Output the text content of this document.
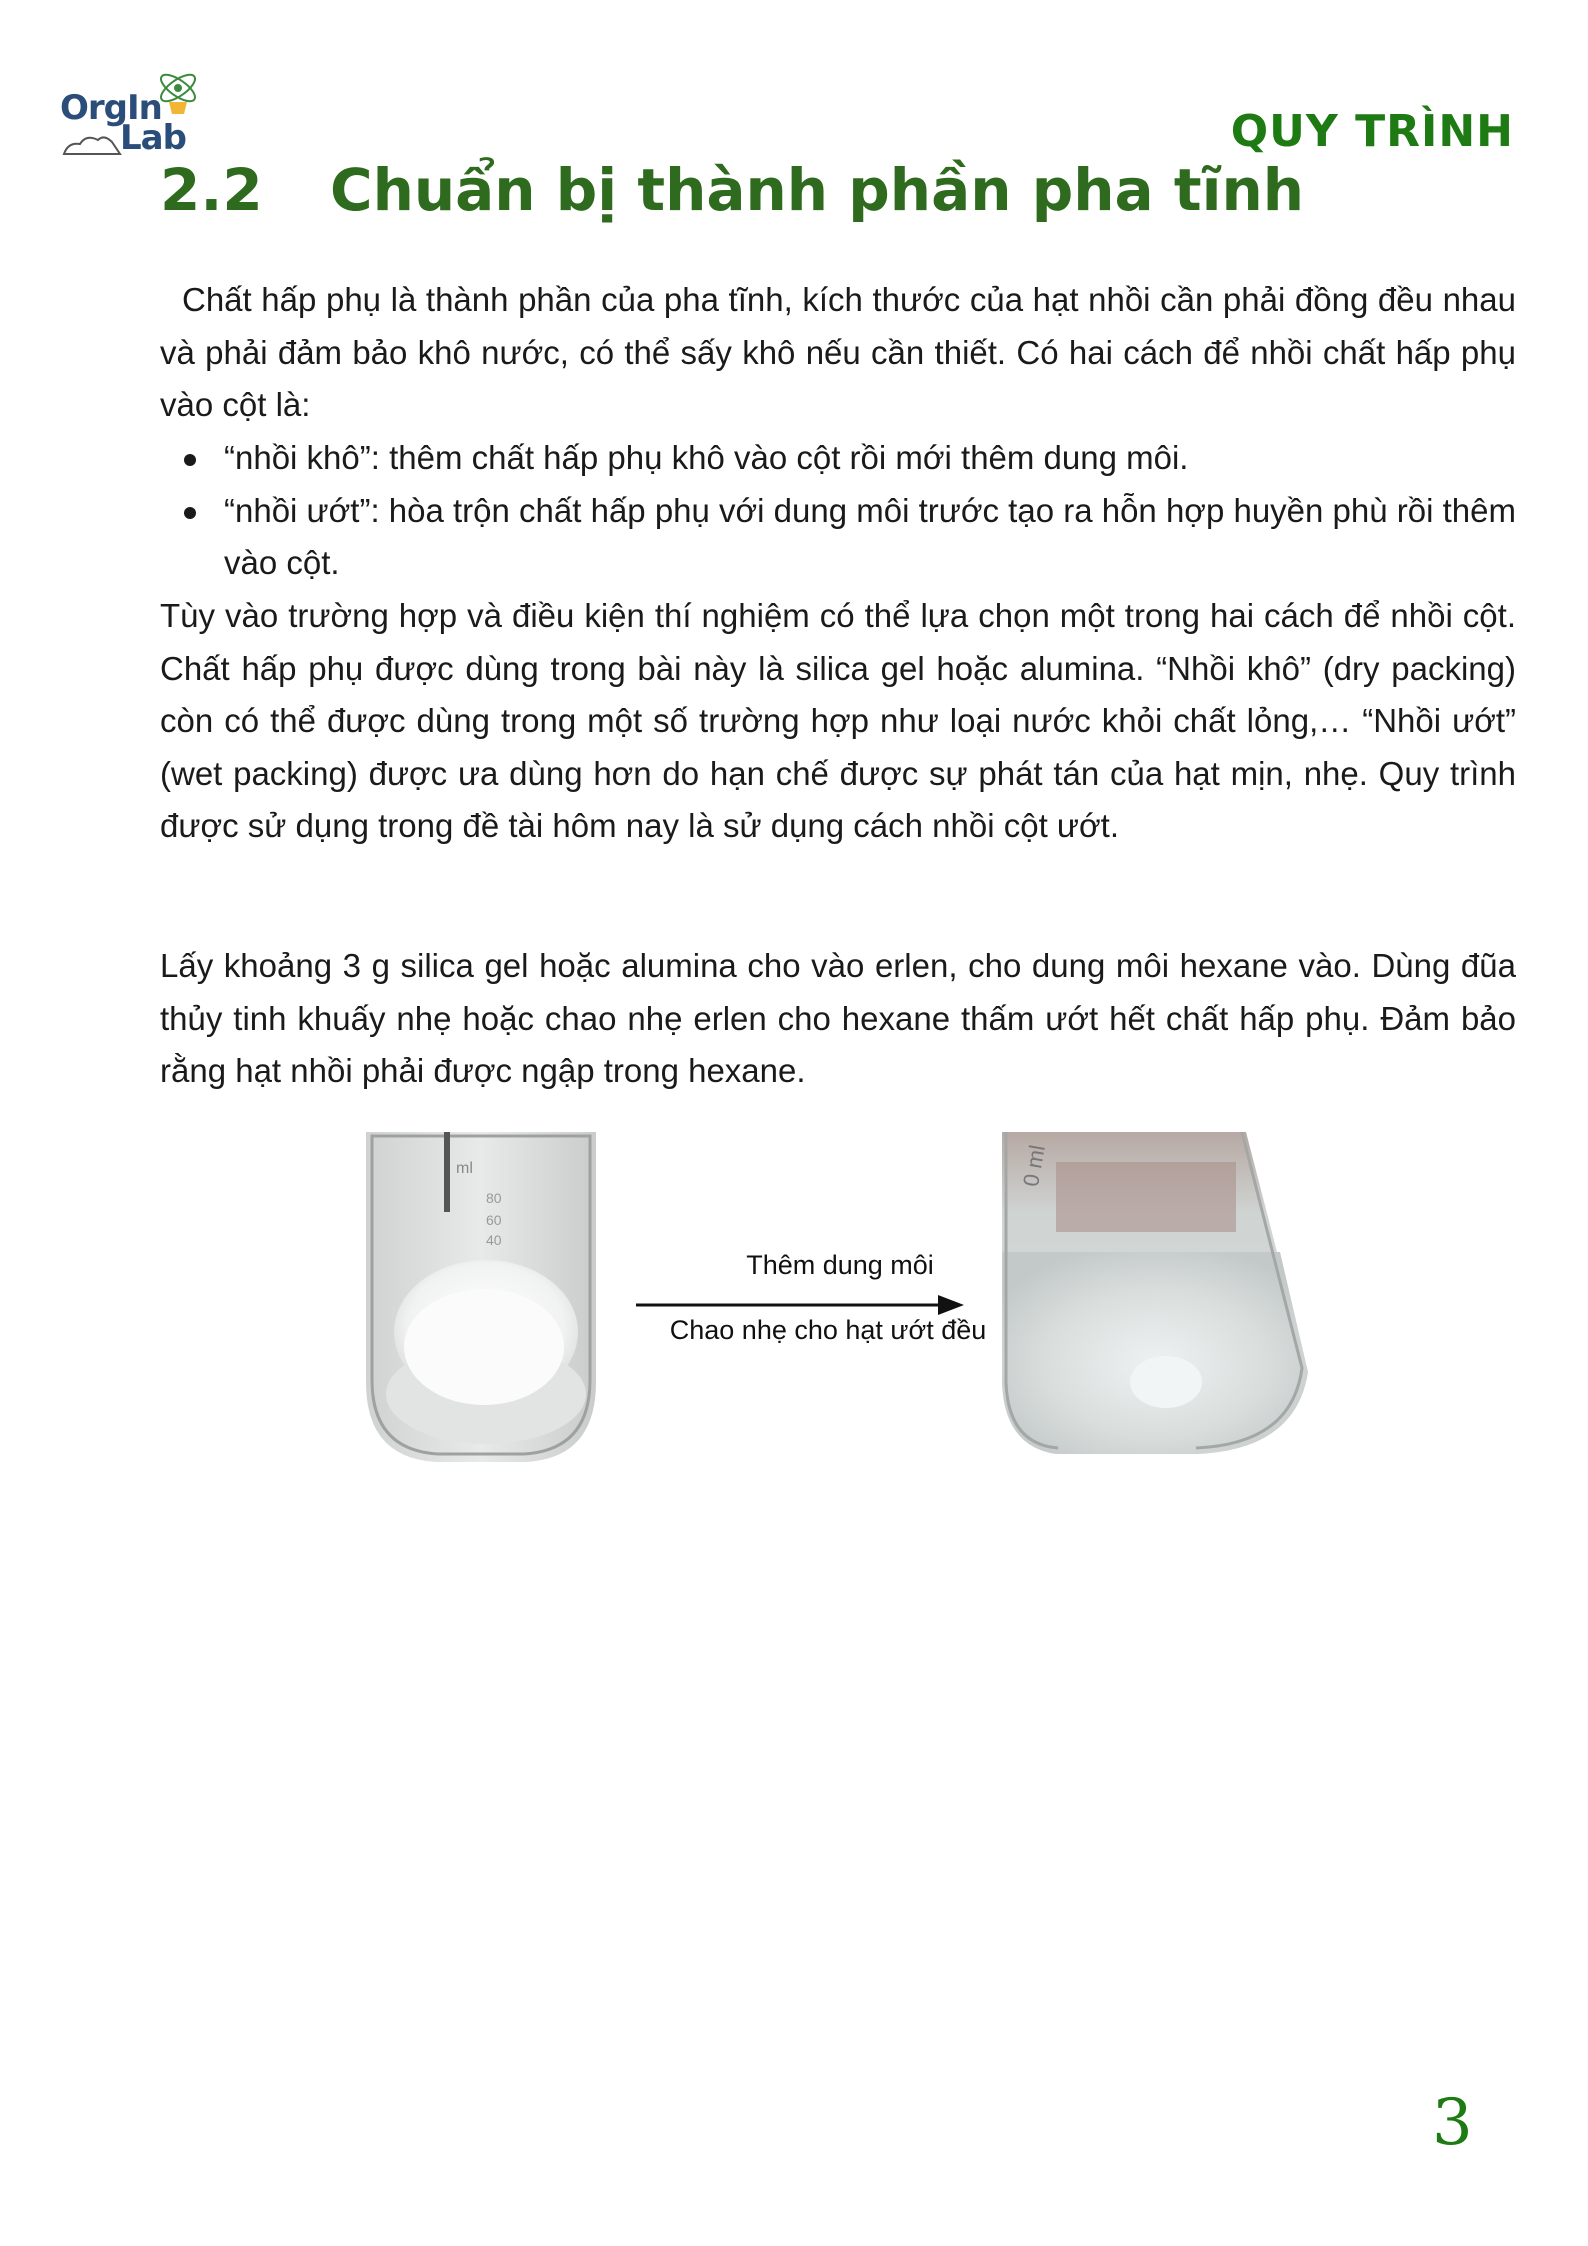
OrgIn
Lab	QUY TRÌNH
2.2 Chuẩn bị thành phần pha tĩnh

Chất hấp phụ là thành phần của pha tĩnh, kích thước của hạt nhồi cần phải đồng đều nhau và phải đảm bảo khô nước, có thể sấy khô nếu cần thiết. Có hai cách để nhồi chất hấp phụ vào cột là:

“nhồi khô”: thêm chất hấp phụ khô vào cột rồi mới thêm dung môi.
“nhồi ướt”: hòa trộn chất hấp phụ với dung môi trước tạo ra hỗn hợp huyền phù rồi thêm vào cột.

Tùy vào trường hợp và điều kiện thí nghiệm có thể lựa chọn một trong hai cách để nhồi cột. Chất hấp phụ được dùng trong bài này là silica gel hoặc alumina. “Nhồi khô” (dry packing) còn có thể được dùng trong một số trường hợp như loại nước khỏi chất lỏng,… “Nhồi ướt” (wet packing) được ưa dùng hơn do hạn chế được sự phát tán của hạt mịn, nhẹ. Quy trình được sử dụng trong đề tài hôm nay là sử dụng cách nhồi cột ướt.

Lấy khoảng 3 g silica gel hoặc alumina cho vào erlen, cho dung môi hexane vào. Dùng đũa thủy tinh khuấy nhẹ hoặc chao nhẹ erlen cho hexane thấm ướt hết chất hấp phụ. Đảm bảo rằng hạt nhồi phải được ngập trong hexane.

ml
80
60
40
Thêm dung môi
Chao nhẹ cho hạt ướt đều
0 ml
3
